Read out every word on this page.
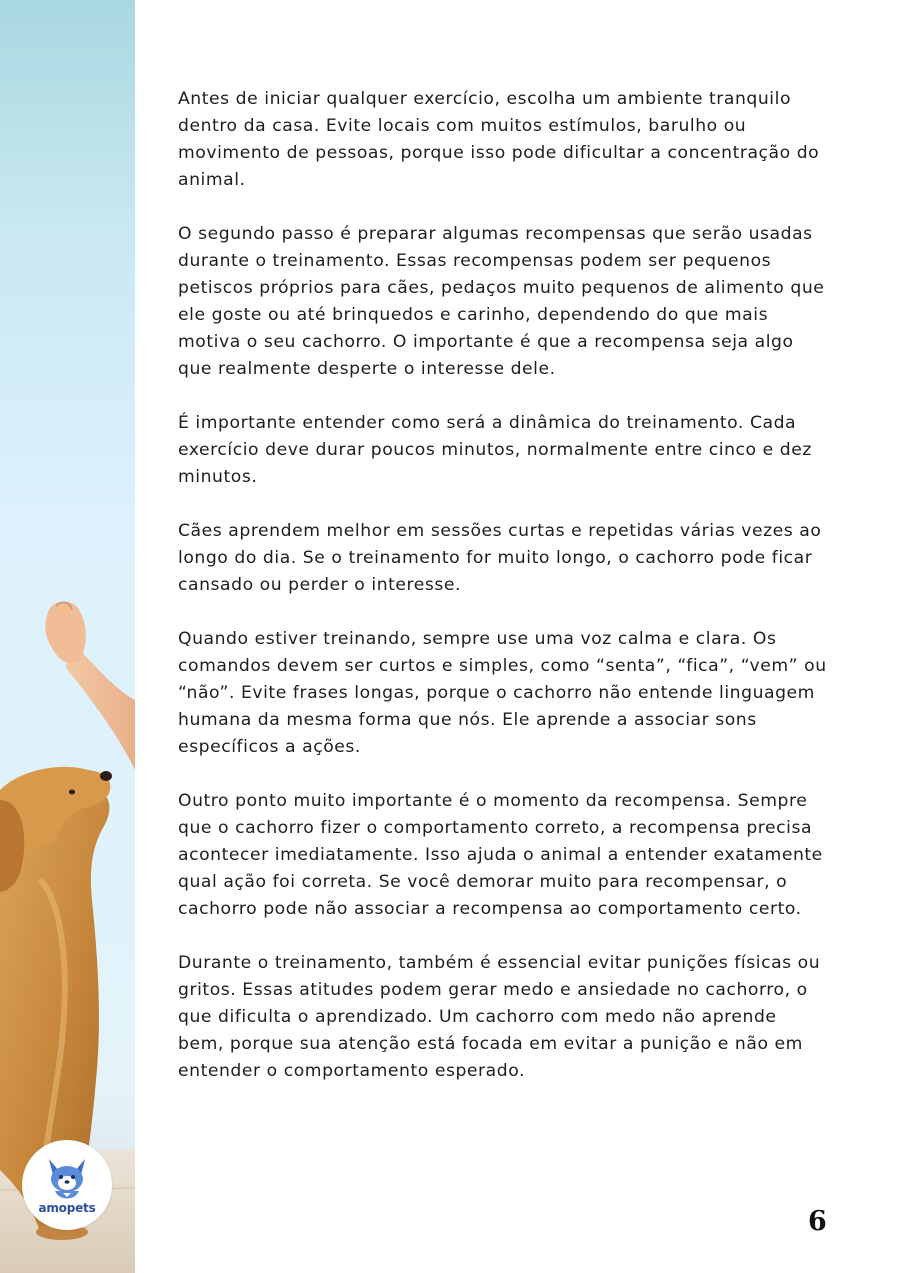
amopets

Antes de iniciar qualquer exercício, escolha um ambiente tranquilo dentro da casa. Evite locais com muitos estímulos, barulho ou movimento de pessoas, porque isso pode dificultar a concentração do animal.

O segundo passo é preparar algumas recompensas que serão usadas durante o treinamento. Essas recompensas podem ser pequenos petiscos próprios para cães, pedaços muito pequenos de alimento que ele goste ou até brinquedos e carinho, dependendo do que mais motiva o seu cachorro. O importante é que a recompensa seja algo que realmente desperte o interesse dele.

É importante entender como será a dinâmica do treinamento. Cada exercício deve durar poucos minutos, normalmente entre cinco e dez minutos.

Cães aprendem melhor em sessões curtas e repetidas várias vezes ao longo do dia. Se o treinamento for muito longo, o cachorro pode ficar cansado ou perder o interesse.

Quando estiver treinando, sempre use uma voz calma e clara. Os comandos devem ser curtos e simples, como “senta”, “fica”, “vem” ou “não”. Evite frases longas, porque o cachorro não entende linguagem humana da mesma forma que nós. Ele aprende a associar sons específicos a ações.

Outro ponto muito importante é o momento da recompensa. Sempre que o cachorro fizer o comportamento correto, a recompensa precisa acontecer imediatamente. Isso ajuda o animal a entender exatamente qual ação foi correta. Se você demorar muito para recompensar, o cachorro pode não associar a recompensa ao comportamento certo.

Durante o treinamento, também é essencial evitar punições físicas ou gritos. Essas atitudes podem gerar medo e ansiedade no cachorro, o que dificulta o aprendizado. Um cachorro com medo não aprende bem, porque sua atenção está focada em evitar a punição e não em entender o comportamento esperado.

6
